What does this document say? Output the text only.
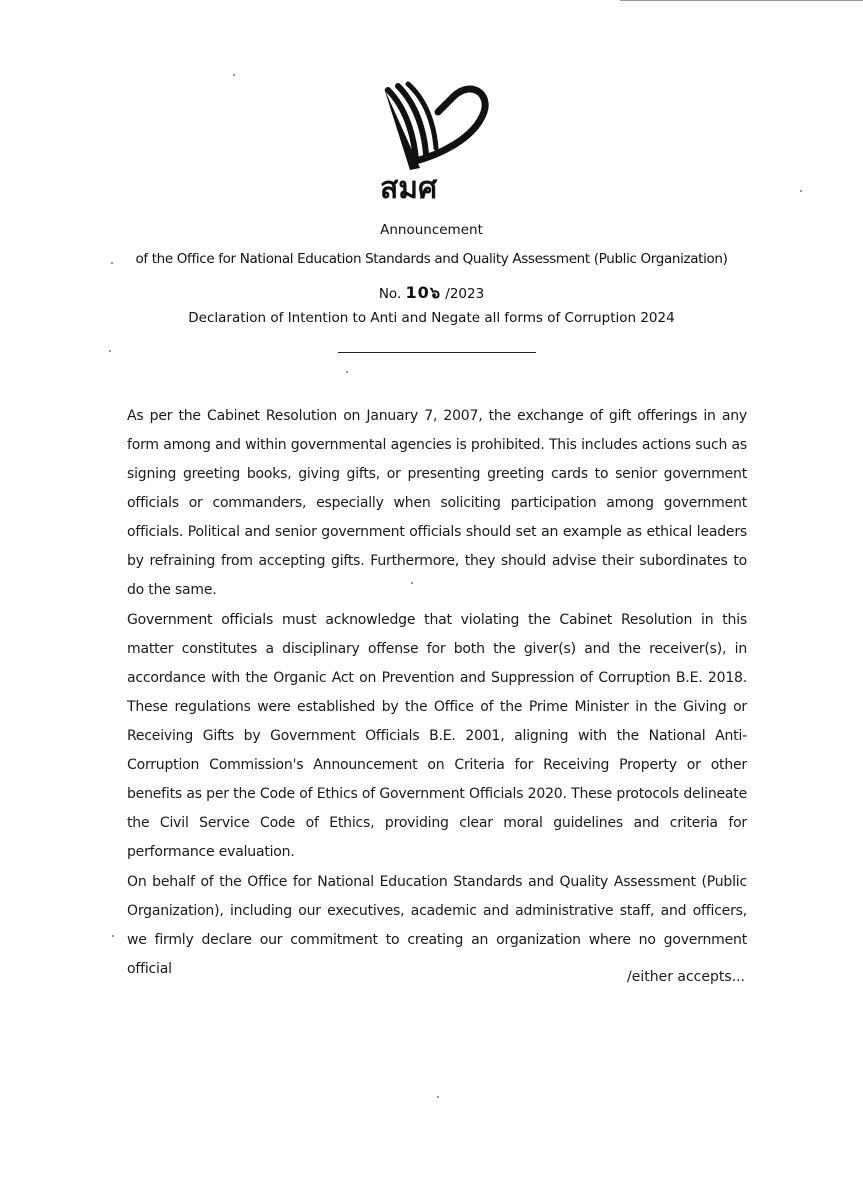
สมศ
Announcement
of the Office for National Education Standards and Quality Assessment (Public Organization)
No. 10๖ /2023
Declaration of Intention to Anti and Negate all forms of Corruption 2024
As per the Cabinet Resolution on January 7, 2007, the exchange of gift offerings in any form among and within governmental agencies is prohibited. This includes actions such as signing greeting books, giving gifts, or presenting greeting cards to senior government officials or commanders, especially when soliciting participation among government officials. Political and senior government officials should set an example as ethical leaders by refraining from accepting gifts. Furthermore, they should advise their subordinates to do the same.
Government officials must acknowledge that violating the Cabinet Resolution in this matter constitutes a disciplinary offense for both the giver(s) and the receiver(s), in accordance with the Organic Act on Prevention and Suppression of Corruption B.E. 2018. These regulations were established by the Office of the Prime Minister in the Giving or Receiving Gifts by Government Officials B.E. 2001, aligning with the National Anti-Corruption Commission's Announcement on Criteria for Receiving Property or other benefits as per the Code of Ethics of Government Officials 2020. These protocols delineate the Civil Service Code of Ethics, providing clear moral guidelines and criteria for performance evaluation.
On behalf of the Office for National Education Standards and Quality Assessment (Public Organization), including our executives, academic and administrative staff, and officers, we firmly declare our commitment to creating an organization where no government official	/either accepts...
